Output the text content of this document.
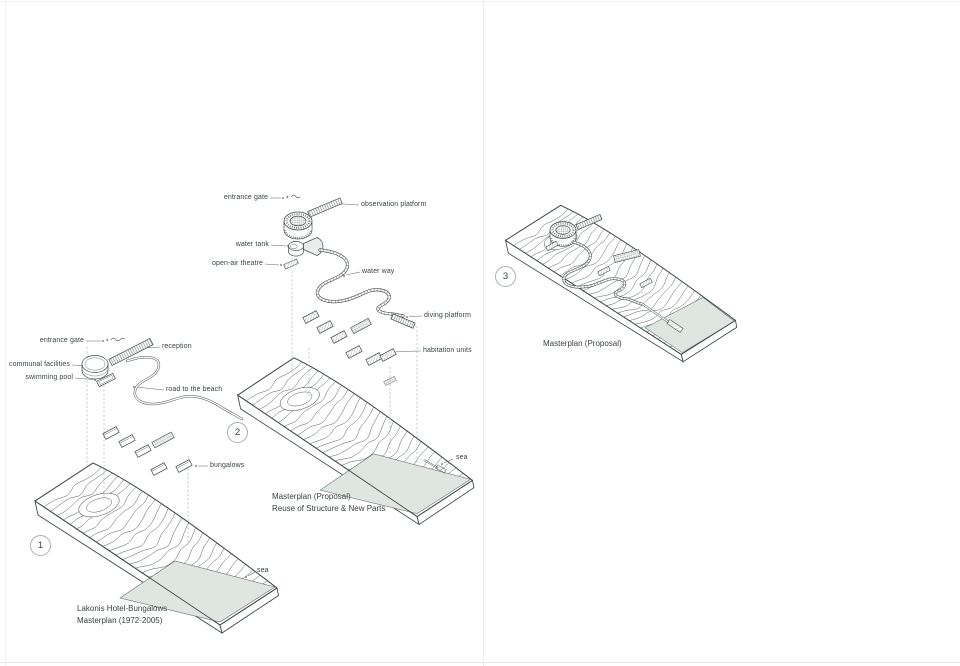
entrance gate
reception
communal facilities
swimming pool
road to the beach
bungalows
sea
entrance gate
observation platform
water tank
open-air theatre
water way
diving platform
habitation units
sea
Lakonis Hotel-Bungalows
Masterplan (1972-2005)
Masterplan (Proposal)
Reuse of Structure & New Parts
Masterplan (Proposal)
1
2
3
